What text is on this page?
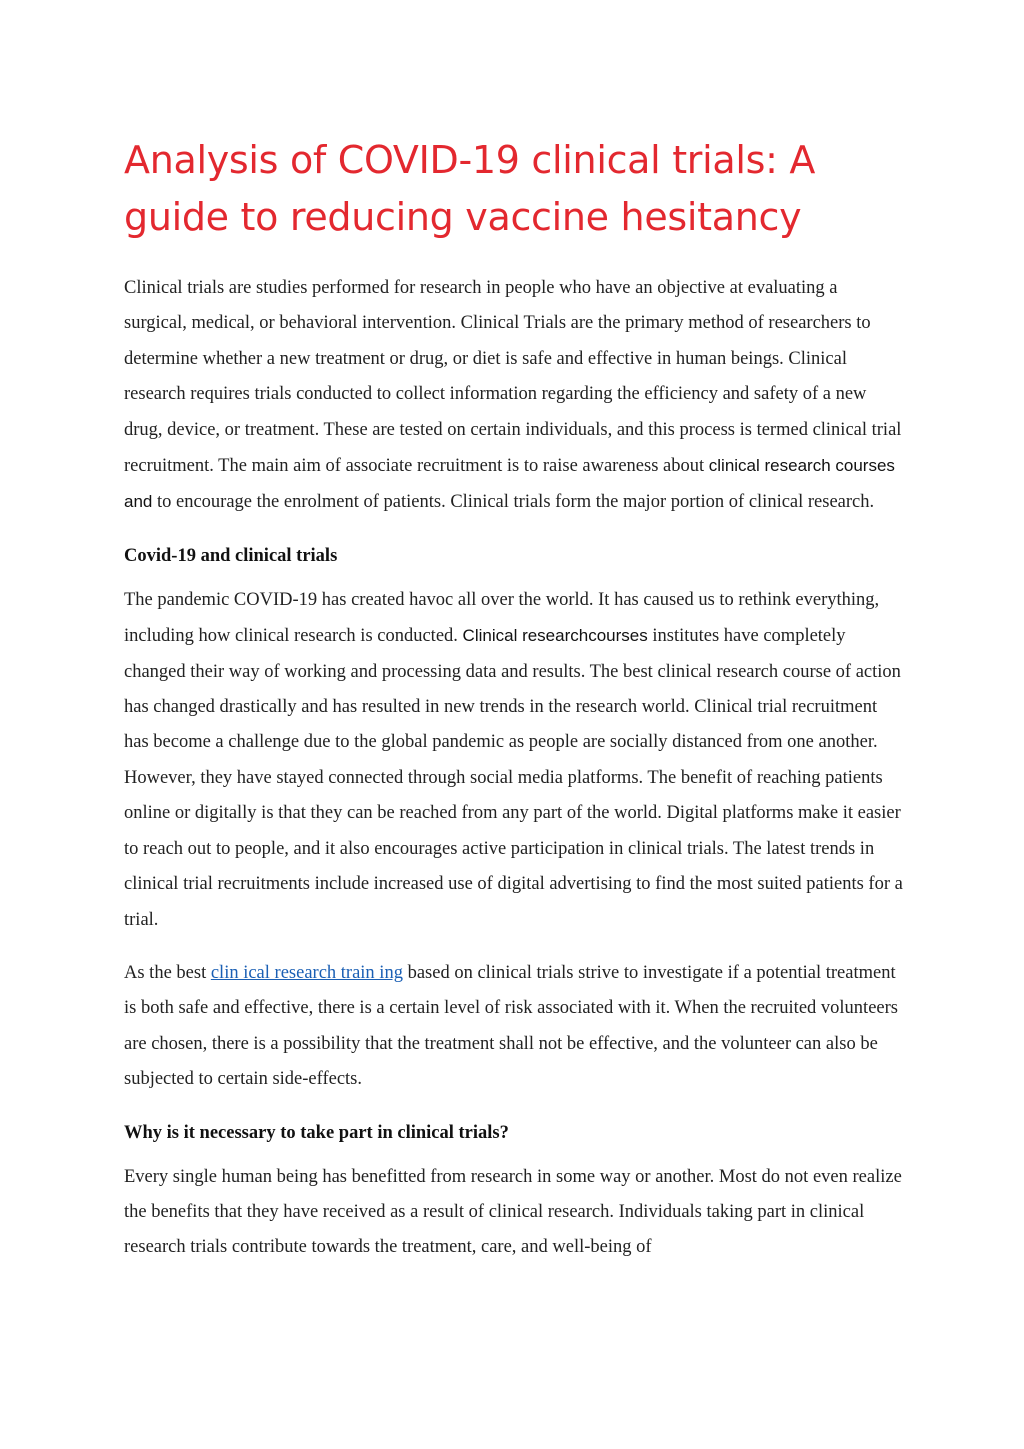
Analysis of COVID-19 clinical trials: A guide to reducing vaccine hesitancy

Clinical trials are studies performed for research in people who have an objective at evaluating a surgical, medical, or behavioral intervention. Clinical Trials are the primary method of researchers to determine whether a new treatment or drug, or diet is safe and effective in human beings. Clinical research requires trials conducted to collect information regarding the efficiency and safety of a new drug, device, or treatment. These are tested on certain individuals, and this process is termed clinical trial recruitment. The main aim of associate recruitment is to raise awareness about clinical research courses and to encourage the enrolment of patients. Clinical trials form the major portion of clinical research.

Covid-19 and clinical trials

The pandemic COVID-19 has created havoc all over the world. It has caused us to rethink everything, including how clinical research is conducted. Clinical researchcourses institutes have completely changed their way of working and processing data and results. The best clinical research course of action has changed drastically and has resulted in new trends in the research world. Clinical trial recruitment has become a challenge due to the global pandemic as people are socially distanced from one another. However, they have stayed connected through social media platforms. The benefit of reaching patients online or digitally is that they can be reached from any part of the world. Digital platforms make it easier to reach out to people, and it also encourages active participation in clinical trials. The latest trends in clinical trial recruitments include increased use of digital advertising to find the most suited patients for a trial.

As the best clin ical research train ing based on clinical trials strive to investigate if a potential treatment is both safe and effective, there is a certain level of risk associated with it. When the recruited volunteers are chosen, there is a possibility that the treatment shall not be effective, and the volunteer can also be subjected to certain side-effects.

Why is it necessary to take part in clinical trials?

Every single human being has benefitted from research in some way or another. Most do not even realize the benefits that they have received as a result of clinical research. Individuals taking part in clinical research trials contribute towards the treatment, care, and well-being of
